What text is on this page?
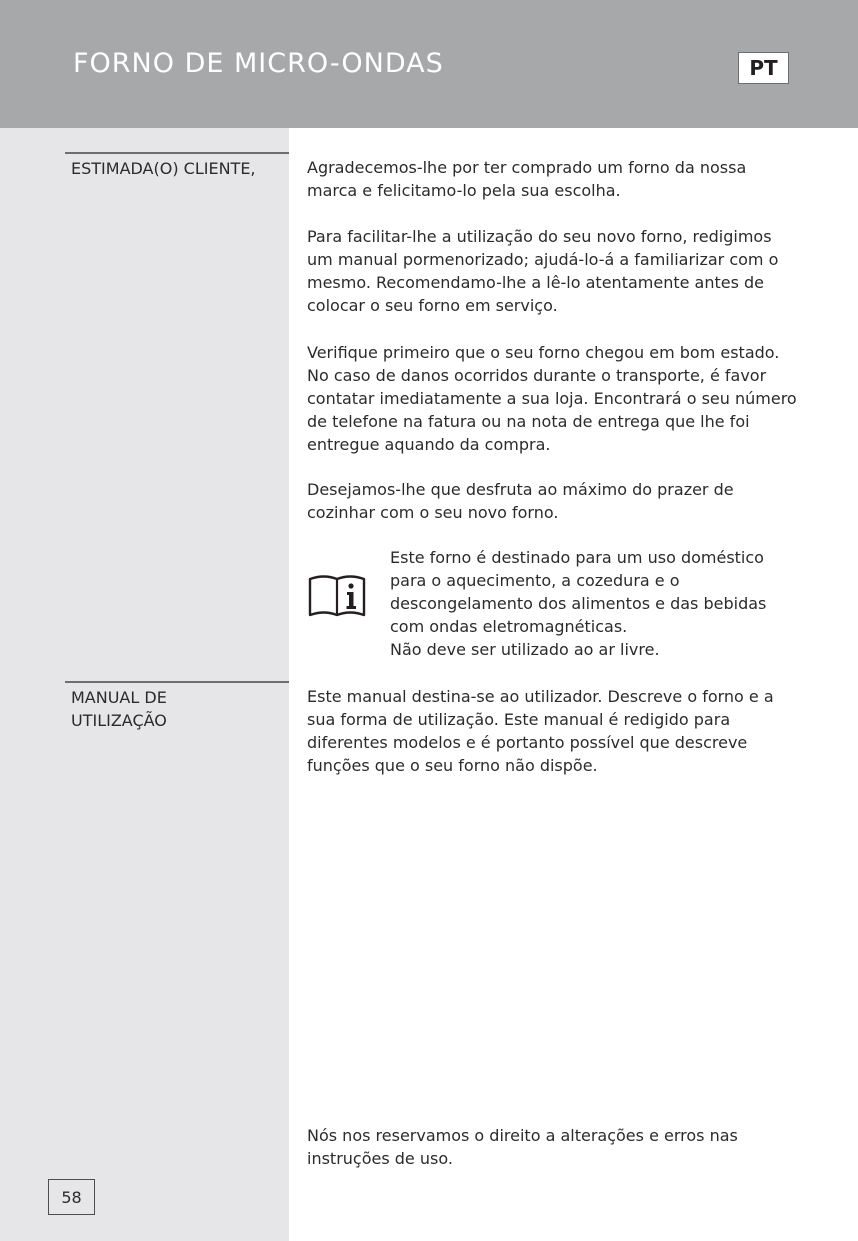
FORNO DE MICRO-ONDAS	PT
ESTIMADA(O) CLIENTE,
MANUAL DE
UTILIZAÇÃO

Agradecemos-lhe por ter comprado um forno da nossa marca e felicitamo-lo pela sua escolha.

Para facilitar-lhe a utilização do seu novo forno, redigimos um manual pormenorizado; ajudá-lo-á a familiarizar com o mesmo. Recomendamo-lhe a lê-lo atentamente antes de colocar o seu forno em serviço.

Verifique primeiro que o seu forno chegou em bom estado. No caso de danos ocorridos durante o transporte, é favor contatar imediatamente a sua loja. Encontrará o seu número de telefone na fatura ou na nota de entrega que lhe foi entregue aquando da compra.

Desejamos-lhe que desfruta ao máximo do prazer de cozinhar com o seu novo forno.

Este forno é destinado para um uso doméstico para o aquecimento, a cozedura e o descongelamento dos alimentos e das bebidas com ondas eletromagnéticas.

Não deve ser utilizado ao ar livre.

Este manual destina-se ao utilizador. Descreve o forno e a sua forma de utilização. Este manual é redigido para diferentes modelos e é portanto possível que descreve funções que o seu forno não dispõe.

Nós nos reservamos o direito a alterações e erros nas instruções de uso.

58
